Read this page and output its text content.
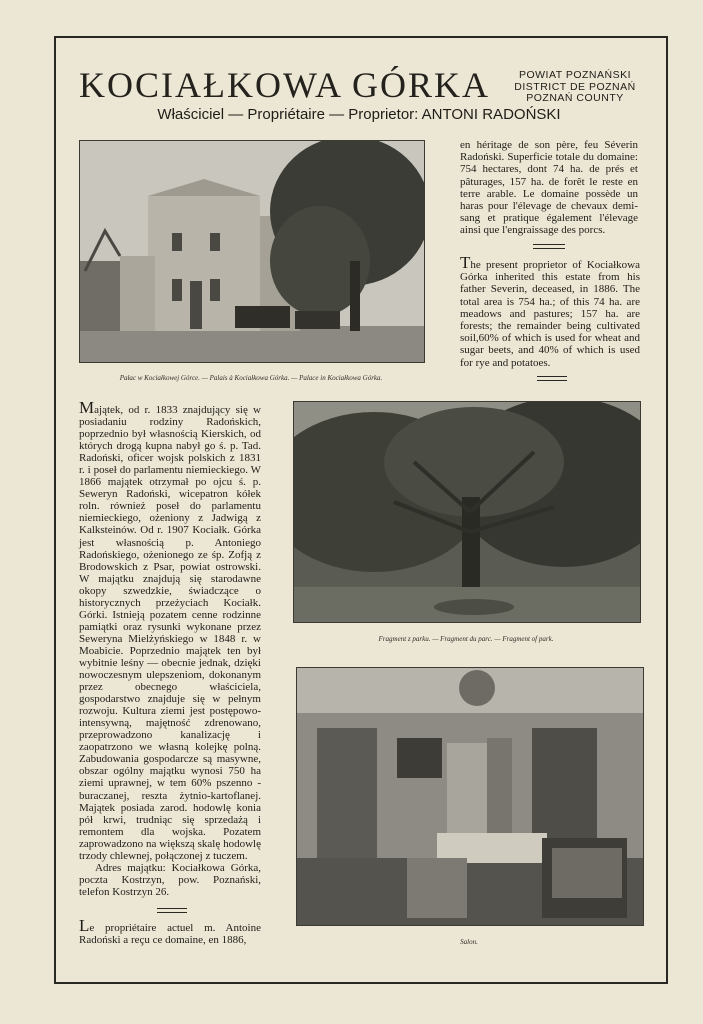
KOCIAŁKOWA GÓRKA	POWIAT POZNAŃSKI
DISTRICT DE POZNAŃ
POZNAŃ COUNTY
Właściciel — Propriétaire — Proprietor: ANTONI RADOŃSKI
Pałac w Kociałkowej Górce. — Palais à Kociałkowa Górka. — Palace in Kociałkowa Górka.
en héritage de son père, feu Séverin Radoński. Superficie totale du domaine: 754 hectares, dont 74 ha. de prés et pâturages, 157 ha. de forêt le reste en terre arable. Le domaine possède un haras pour l'élevage de chevaux demi-sang et pratique également l'élevage ainsi que l'engraissage des porcs.
The present proprietor of Kociałkowa Górka inherited this estate from his father Severin, deceased, in 1886. The total area is 754 ha.; of this 74 ha. are meadows and pastures; 157 ha. are forests; the remainder being cultivated soil,60% of which is used for wheat and sugar beets, and 40% of which is used for rye and potatoes.
Majątek, od r. 1833 znajdujący się w posiadaniu rodziny Radońskich, poprzednio był własnością Kierskich, od których drogą kupna nabył go ś. p. Tad. Radoński, oficer wojsk polskich z 1831 r. i poseł do parlamentu niemieckiego. W 1866 majątek otrzymał po ojcu ś. p. Seweryn Radoński, wicepatron kółek roln. również poseł do parlamentu niemieckiego, ożeniony z Jadwigą z Kalksteinów. Od r. 1907 Kociałk. Górka jest własnością p. Antoniego Radońskiego, ożenionego ze śp. Zofją z Brodowskich z Psar, powiat ostrowski. W majątku znajdują się starodawne okopy szwedzkie, świadczące o historycznych przeżyciach Kociałk. Górki. Istnieją pozatem cenne rodzinne pamiątki oraz rysunki wykonane przez Seweryna Mielżyńskiego w 1848 r. w Moabicie. Poprzednio majątek ten był wybitnie leśny — obecnie jednak, dzięki nowoczesnym ulepszeniom, dokonanym przez obecnego właściciela, gospodarstwo znajduje się w pełnym rozwoju. Kultura ziemi jest postępowo-intensywną, majętność zdrenowano, przeprowadzono kanalizację i zaopatrzono we własną kolejkę polną. Zabudowania gospodarcze są masywne, obszar ogólny majątku wynosi 750 ha ziemi uprawnej, w tem 60% pszenno - buraczanej, reszta żytnio-kartoflanej. Majątek posiada zarod. hodowlę konia pół krwi, trudniąc się sprzedażą i remontem dla wojska. Pozatem zaprowadzono na większą skalę hodowlę trzody chlewnej, połączonej z tuczem.
Adres majątku: Kociałkowa Górka, poczta Kostrzyn, pow. Poznański, telefon Kostrzyn 26.
Le propriétaire actuel m. Antoine Radoński a reçu ce domaine, en 1886,
Fragment z parku. — Fragment du parc. — Fragment of park.
Salon.
